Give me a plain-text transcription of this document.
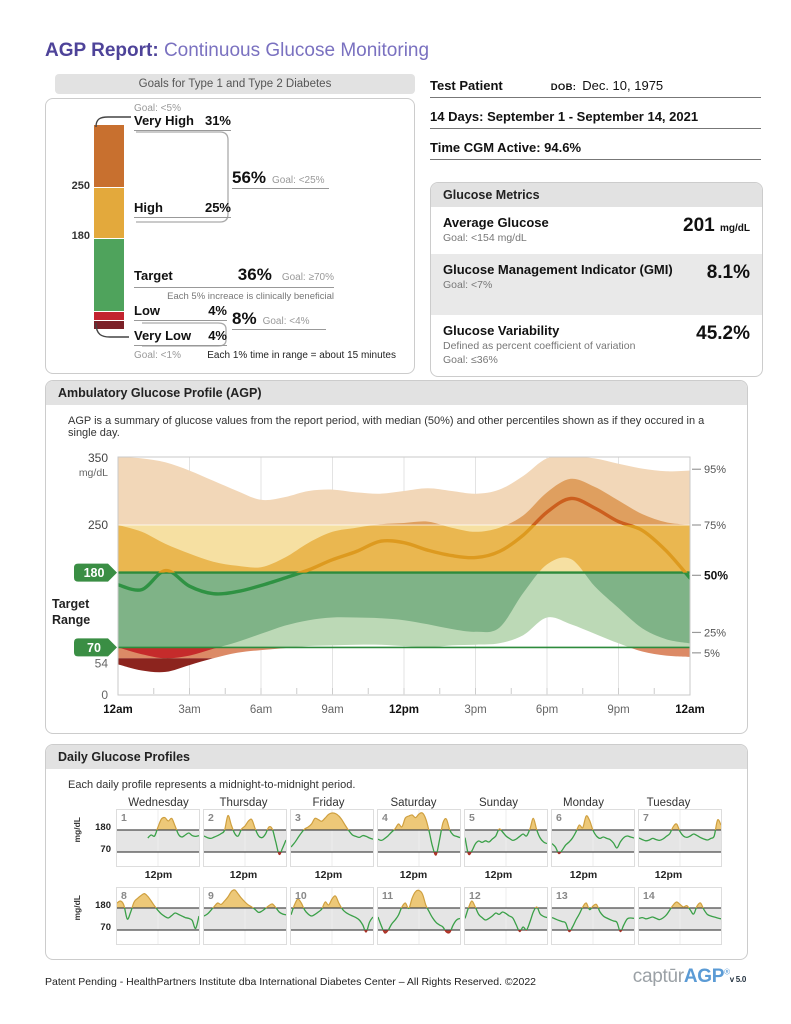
AGP Report: Continuous Glucose Monitoring
Goals for Type 1 and Type 2 Diabetes
250
180
Goal: <5%
Very High 31%
High	25%
56% Goal: <25%
Target	36% Goal: ≥70%
Each 5% increace is clinically beneficial
Low	4% 8% Goal: <4%
Very Low 4%
Goal: <1%	Each 1% time in range = about 15 minutes
Test Patient	DOB: Dec. 10, 1975
14 Days: September 1 - September 14, 2021
Time CGM Active: 94.6%
Glucose Metrics
Average Glucose
Goal: <154 mg/dL
201 mg/dL
Glucose Management Indicator (GMI)
Goal: <7%
8.1%
Glucose Variability
Defined as percent coefficient of variation
Goal: ≤36%
45.2%
Ambulatory Glucose Profile (AGP)
AGP is a summary of glucose values from the report period, with median (50%) and other percentiles shown as if they occured in a single day.
12am	3am	6am	9am	12pm	3pm	6pm	9pm	12am
350
mg/dL
250
54
0
180
70
Target Range
95%
75%
50%
25%
5%
Daily Glucose Profiles
Each daily profile represents a midnight-to-midnight period.
Wednesday	Thursday	Friday	Saturday	Sunday	Monday	Tuesday
mg/dL 180
70
1	2	3	4	5	6	7
12pm	12pm	12pm	12pm	12pm	12pm	12pm
mg/dL 180
70
8	9	10	11	12	13	14
Patent Pending - HealthPartners Institute dba International Diabetes Center – All Rights Reserved. ©2022	captūrAGP®v 5.0
